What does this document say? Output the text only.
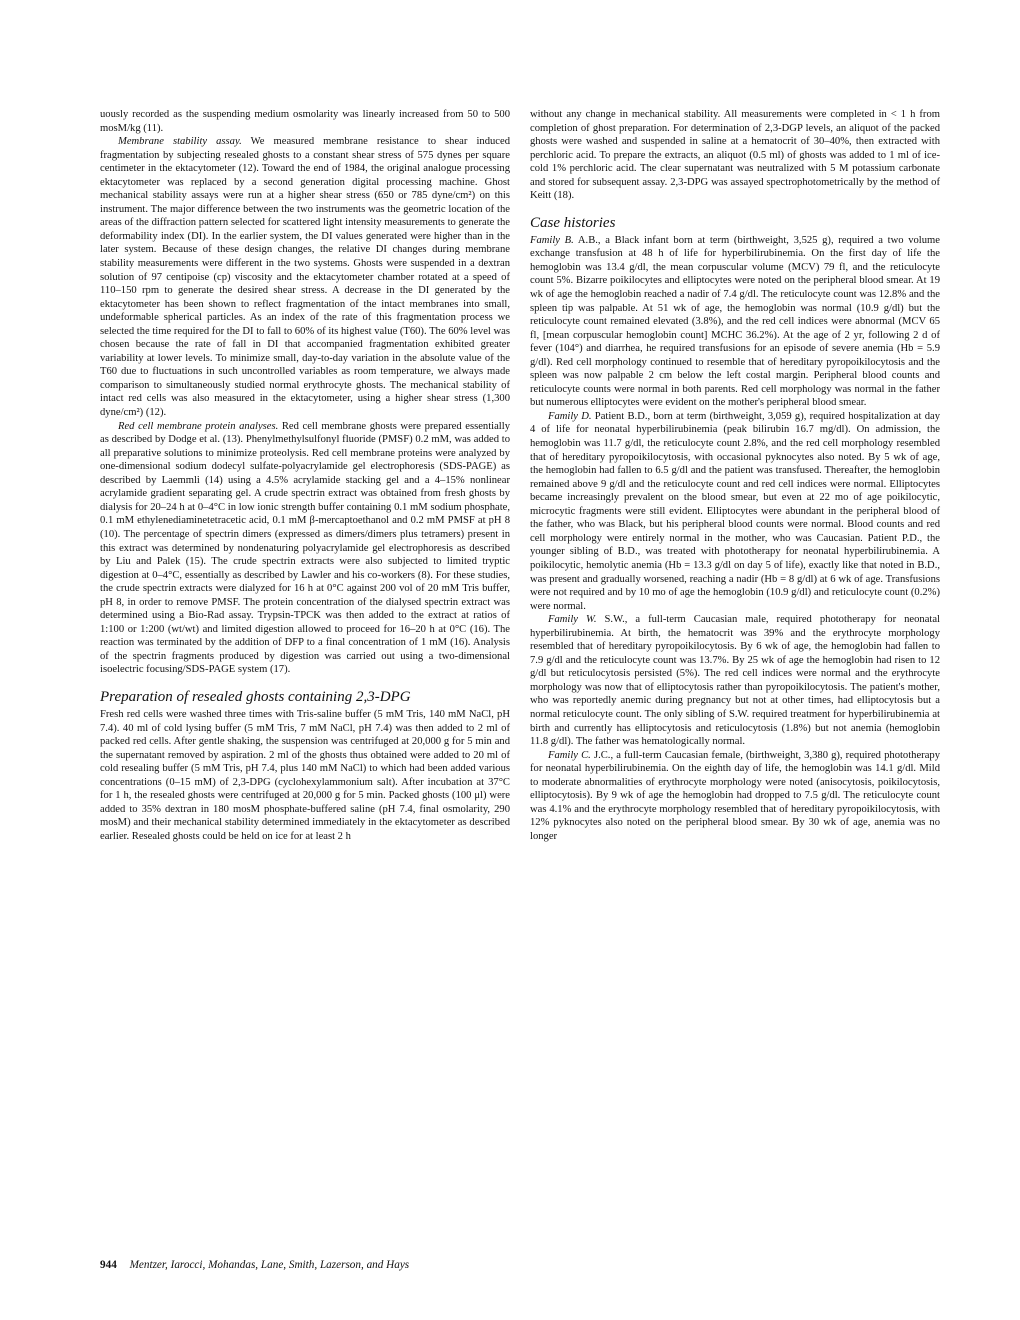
uously recorded as the suspending medium osmolarity was linearly increased from 50 to 500 mosM/kg (11).

Membrane stability assay. We measured membrane resistance to shear induced fragmentation by subjecting resealed ghosts to a constant shear stress of 575 dynes per square centimeter in the ektacytometer (12). Toward the end of 1984, the original analogue processing ektacytometer was replaced by a second generation digital processing machine. Ghost mechanical stability assays were run at a higher shear stress (650 or 785 dyne/cm²) on this instrument. The major difference between the two instruments was the geometric location of the areas of the diffraction pattern selected for scattered light intensity measurements to generate the deformability index (DI). In the earlier system, the DI values generated were higher than in the later system. Because of these design changes, the relative DI changes during membrane stability measurements were different in the two systems. Ghosts were suspended in a dextran solution of 97 centipoise (cp) viscosity and the ektacytometer chamber rotated at a speed of 110–150 rpm to generate the desired shear stress. A decrease in the DI generated by the ektacytometer has been shown to reflect fragmentation of the intact membranes into small, undeformable spherical particles. As an index of the rate of this fragmentation process we selected the time required for the DI to fall to 60% of its highest value (T60). The 60% level was chosen because the rate of fall in DI that accompanied fragmentation exhibited greater variability at lower levels. To minimize small, day-to-day variation in the absolute value of the T60 due to fluctuations in such uncontrolled variables as room temperature, we always made comparison to simultaneously studied normal erythrocyte ghosts. The mechanical stability of intact red cells was also measured in the ektacytometer, using a higher shear stress (1,300 dyne/cm²) (12).

Red cell membrane protein analyses. Red cell membrane ghosts were prepared essentially as described by Dodge et al. (13). Phenylmethylsulfonyl fluoride (PMSF) 0.2 mM, was added to all preparative solutions to minimize proteolysis. Red cell membrane proteins were analyzed by one-dimensional sodium dodecyl sulfate-polyacrylamide gel electrophoresis (SDS-PAGE) as described by Laemmli (14) using a 4.5% acrylamide stacking gel and a 4–15% nonlinear acrylamide gradient separating gel. A crude spectrin extract was obtained from fresh ghosts by dialysis for 20–24 h at 0–4°C in low ionic strength buffer containing 0.1 mM sodium phosphate, 0.1 mM ethylenediaminetetracetic acid, 0.1 mM β-mercaptoethanol and 0.2 mM PMSF at pH 8 (10). The percentage of spectrin dimers (expressed as dimers/dimers plus tetramers) present in this extract was determined by nondenaturing polyacrylamide gel electrophoresis as described by Liu and Palek (15). The crude spectrin extracts were also subjected to limited tryptic digestion at 0–4°C, essentially as described by Lawler and his co-workers (8). For these studies, the crude spectrin extracts were dialyzed for 16 h at 0°C against 200 vol of 20 mM Tris buffer, pH 8, in order to remove PMSF. The protein concentration of the dialysed spectrin extract was determined using a Bio-Rad assay. Trypsin-TPCK was then added to the extract at ratios of 1:100 or 1:200 (wt/wt) and limited digestion allowed to proceed for 16–20 h at 0°C (16). The reaction was terminated by the addition of DFP to a final concentration of 1 mM (16). Analysis of the spectrin fragments produced by digestion was carried out using a two-dimensional isoelectric focusing/SDS-PAGE system (17).

Preparation of resealed ghosts containing 2,3-DPG

Fresh red cells were washed three times with Tris-saline buffer (5 mM Tris, 140 mM NaCl, pH 7.4). 40 ml of cold lysing buffer (5 mM Tris, 7 mM NaCl, pH 7.4) was then added to 2 ml of packed red cells. After gentle shaking, the suspension was centrifuged at 20,000 g for 5 min and the supernatant removed by aspiration. 2 ml of the ghosts thus obtained were added to 20 ml of cold resealing buffer (5 mM Tris, pH 7.4, plus 140 mM NaCl) to which had been added various concentrations (0–15 mM) of 2,3-DPG (cyclohexylammonium salt). After incubation at 37°C for 1 h, the resealed ghosts were centrifuged at 20,000 g for 5 min. Packed ghosts (100 μl) were added to 35% dextran in 180 mosM phosphate-buffered saline (pH 7.4, final osmolarity, 290 mosM) and their mechanical stability determined immediately in the ektacytometer as described earlier. Resealed ghosts could be held on ice for at least 2 h

without any change in mechanical stability. All measurements were completed in < 1 h from completion of ghost preparation. For determination of 2,3-DGP levels, an aliquot of the packed ghosts were washed and suspended in saline at a hematocrit of 30–40%, then extracted with perchloric acid. To prepare the extracts, an aliquot (0.5 ml) of ghosts was added to 1 ml of ice-cold 1% perchloric acid. The clear supernatant was neutralized with 5 M potassium carbonate and stored for subsequent assay. 2,3-DPG was assayed spectrophotometrically by the method of Keitt (18).

Case histories

Family B. A.B., a Black infant born at term (birthweight, 3,525 g), required a two volume exchange transfusion at 48 h of life for hyperbilirubinemia. On the first day of life the hemoglobin was 13.4 g/dl, the mean corpuscular volume (MCV) 79 fl, and the reticulocyte count 5%. Bizarre poikilocytes and elliptocytes were noted on the peripheral blood smear. At 19 wk of age the hemoglobin reached a nadir of 7.4 g/dl. The reticulocyte count was 12.8% and the spleen tip was palpable. At 51 wk of age, the hemoglobin was normal (10.9 g/dl) but the reticulocyte count remained elevated (3.8%), and the red cell indices were abnormal (MCV 65 fl, [mean corpuscular hemoglobin count] MCHC 36.2%). At the age of 2 yr, following 2 d of fever (104°) and diarrhea, he required transfusions for an episode of severe anemia (Hb = 5.9 g/dl). Red cell morphology continued to resemble that of hereditary pyropoikilocytosis and the spleen was now palpable 2 cm below the left costal margin. Peripheral blood counts and reticulocyte counts were normal in both parents. Red cell morphology was normal in the father but numerous elliptocytes were evident on the mother's peripheral blood smear.

Family D. Patient B.D., born at term (birthweight, 3,059 g), required hospitalization at day 4 of life for neonatal hyperbilirubinemia (peak bilirubin 16.7 mg/dl). On admission, the hemoglobin was 11.7 g/dl, the reticulocyte count 2.8%, and the red cell morphology resembled that of hereditary pyropoikilocytosis, with occasional pyknocytes also noted. By 5 wk of age, the hemoglobin had fallen to 6.5 g/dl and the patient was transfused. Thereafter, the hemoglobin remained above 9 g/dl and the reticulocyte count and red cell indices were normal. Elliptocytes became increasingly prevalent on the blood smear, but even at 22 mo of age poikilocytic, microcytic fragments were still evident. Elliptocytes were abundant in the peripheral blood of the father, who was Black, but his peripheral blood counts were normal. Blood counts and red cell morphology were entirely normal in the mother, who was Caucasian. Patient P.D., the younger sibling of B.D., was treated with phototherapy for neonatal hyperbilirubinemia. A poikilocytic, hemolytic anemia (Hb = 13.3 g/dl on day 5 of life), exactly like that noted in B.D., was present and gradually worsened, reaching a nadir (Hb = 8 g/dl) at 6 wk of age. Transfusions were not required and by 10 mo of age the hemoglobin (10.9 g/dl) and reticulocyte count (0.2%) were normal.

Family W. S.W., a full-term Caucasian male, required phototherapy for neonatal hyperbilirubinemia. At birth, the hematocrit was 39% and the erythrocyte morphology resembled that of hereditary pyropoikilocytosis. By 6 wk of age, the hemoglobin had fallen to 7.9 g/dl and the reticulocyte count was 13.7%. By 25 wk of age the hemoglobin had risen to 12 g/dl but reticulocytosis persisted (5%). The red cell indices were normal and the erythrocyte morphology was now that of elliptocytosis rather than pyropoikilocytosis. The patient's mother, who was reportedly anemic during pregnancy but not at other times, had elliptocytosis but a normal reticulocyte count. The only sibling of S.W. required treatment for hyperbilirubinemia at birth and currently has elliptocytosis and reticulocytosis (1.8%) but not anemia (hemoglobin 11.8 g/dl). The father was hematologically normal.

Family C. J.C., a full-term Caucasian female, (birthweight, 3,380 g), required phototherapy for neonatal hyperbilirubinemia. On the eighth day of life, the hemoglobin was 14.1 g/dl. Mild to moderate abnormalities of erythrocyte morphology were noted (anisocytosis, poikilocytosis, elliptocytosis). By 9 wk of age the hemoglobin had dropped to 7.5 g/dl. The reticulocyte count was 4.1% and the erythrocyte morphology resembled that of hereditary pyropoikilocytosis, with 12% pyknocytes also noted on the peripheral blood smear. By 30 wk of age, anemia was no longer

944 Mentzer, Iarocci, Mohandas, Lane, Smith, Lazerson, and Hays
